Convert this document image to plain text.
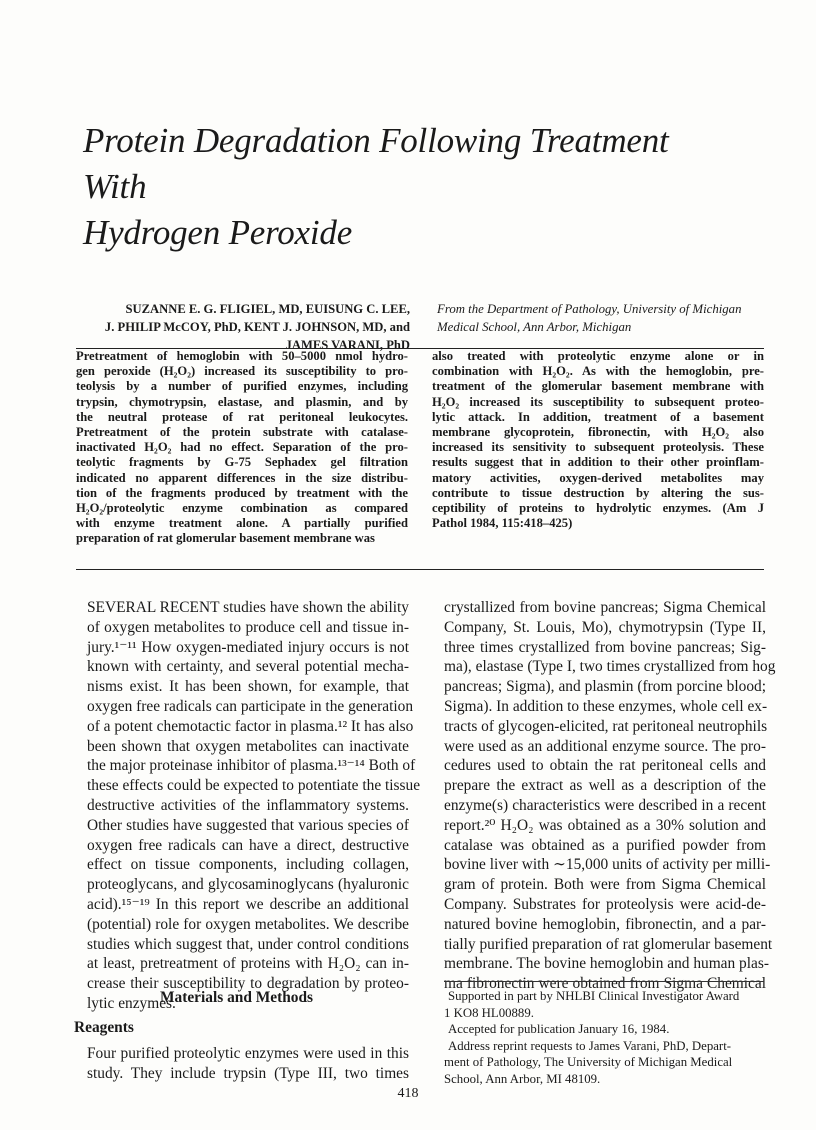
Protein Degradation Following Treatment With
Hydrogen Peroxide
SUZANNE E. G. FLIGIEL, MD, EUISUNG C. LEE,
J. PHILIP McCOY, PhD, KENT J. JOHNSON, MD, and
JAMES VARANI, PhD
From the Department of Pathology, University of Michigan
Medical School, Ann Arbor, Michigan
Pretreatment of hemoglobin with 50–5000 nmol hydro-
gen peroxide (H₂O₂) increased its susceptibility to pro-
teolysis by a number of purified enzymes, including
trypsin, chymotrypsin, elastase, and plasmin, and by
the neutral protease of rat peritoneal leukocytes.
Pretreatment of the protein substrate with catalase-
inactivated H₂O₂ had no effect. Separation of the pro-
teolytic fragments by G-75 Sephadex gel filtration
indicated no apparent differences in the size distribu-
tion of the fragments produced by treatment with the
H₂O₂/proteolytic enzyme combination as compared
with enzyme treatment alone. A partially purified
preparation of rat glomerular basement membrane was
also treated with proteolytic enzyme alone or in
combination with H₂O₂. As with the hemoglobin, pre-
treatment of the glomerular basement membrane with
H₂O₂ increased its susceptibility to subsequent proteo-
lytic attack. In addition, treatment of a basement
membrane glycoprotein, fibronectin, with H₂O₂ also
increased its sensitivity to subsequent proteolysis. These
results suggest that in addition to their other proinflam-
matory activities, oxygen-derived metabolites may
contribute to tissue destruction by altering the sus-
ceptibility of proteins to hydrolytic enzymes. (Am J
Pathol 1984, 115:418–425)
SEVERAL RECENT studies have shown the ability
of oxygen metabolites to produce cell and tissue in-
jury.¹⁻¹¹ How oxygen-mediated injury occurs is not
known with certainty, and several potential mecha-
nisms exist. It has been shown, for example, that
oxygen free radicals can participate in the generation
of a potent chemotactic factor in plasma.¹² It has also
been shown that oxygen metabolites can inactivate
the major proteinase inhibitor of plasma.¹³⁻¹⁴ Both of
these effects could be expected to potentiate the tissue
destructive activities of the inflammatory systems.
Other studies have suggested that various species of
oxygen free radicals can have a direct, destructive
effect on tissue components, including collagen,
proteoglycans, and glycosaminoglycans (hyaluronic
acid).¹⁵⁻¹⁹ In this report we describe an additional
(potential) role for oxygen metabolites. We describe
studies which suggest that, under control conditions
at least, pretreatment of proteins with H₂O₂ can in-
crease their susceptibility to degradation by proteo-
lytic enzymes.
Materials and Methods
Reagents
Four purified proteolytic enzymes were used in this
study. They include trypsin (Type III, two times
crystallized from bovine pancreas; Sigma Chemical
Company, St. Louis, Mo), chymotrypsin (Type II,
three times crystallized from bovine pancreas; Sig-
ma), elastase (Type I, two times crystallized from hog
pancreas; Sigma), and plasmin (from porcine blood;
Sigma). In addition to these enzymes, whole cell ex-
tracts of glycogen-elicited, rat peritoneal neutrophils
were used as an additional enzyme source. The pro-
cedures used to obtain the rat peritoneal cells and
prepare the extract as well as a description of the
enzyme(s) characteristics were described in a recent
report.²⁰ H₂O₂ was obtained as a 30% solution and
catalase was obtained as a purified powder from
bovine liver with ∼15,000 units of activity per milli-
gram of protein. Both were from Sigma Chemical
Company. Substrates for proteolysis were acid-de-
natured bovine hemoglobin, fibronectin, and a par-
tially purified preparation of rat glomerular basement
membrane. The bovine hemoglobin and human plas-
ma fibronectin were obtained from Sigma Chemical
Supported in part by NHLBI Clinical Investigator Award
1 KO8 HL00889.
Accepted for publication January 16, 1984.
Address reprint requests to James Varani, PhD, Depart-
ment of Pathology, The University of Michigan Medical
School, Ann Arbor, MI 48109.
418
